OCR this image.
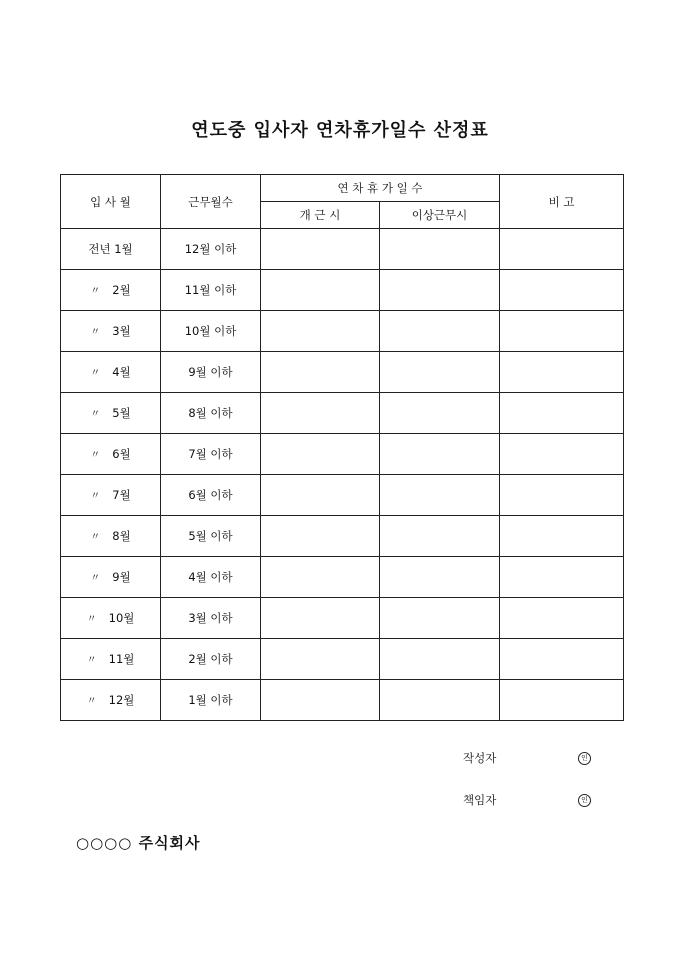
연도중 입사자 연차휴가일수 산정표
입 사 월	근무월수	연 차 휴 가 일 수		비 고
		개 근 시	이상근무시	
전년 1월	12월 이하			
〃 2월	11월 이하			
〃 3월	10월 이하			
〃 4월	9월 이하			
〃 5월	8월 이하			
〃 6월	7월 이하			
〃 7월	6월 이하			
〃 8월	5월 이하			
〃 9월	4월 이하			
〃 10월	3월 이하			
〃 11월	2월 이하			
〃 12월	1월 이하			
작성자	인
책임자	인
○○○○ 주식회사
